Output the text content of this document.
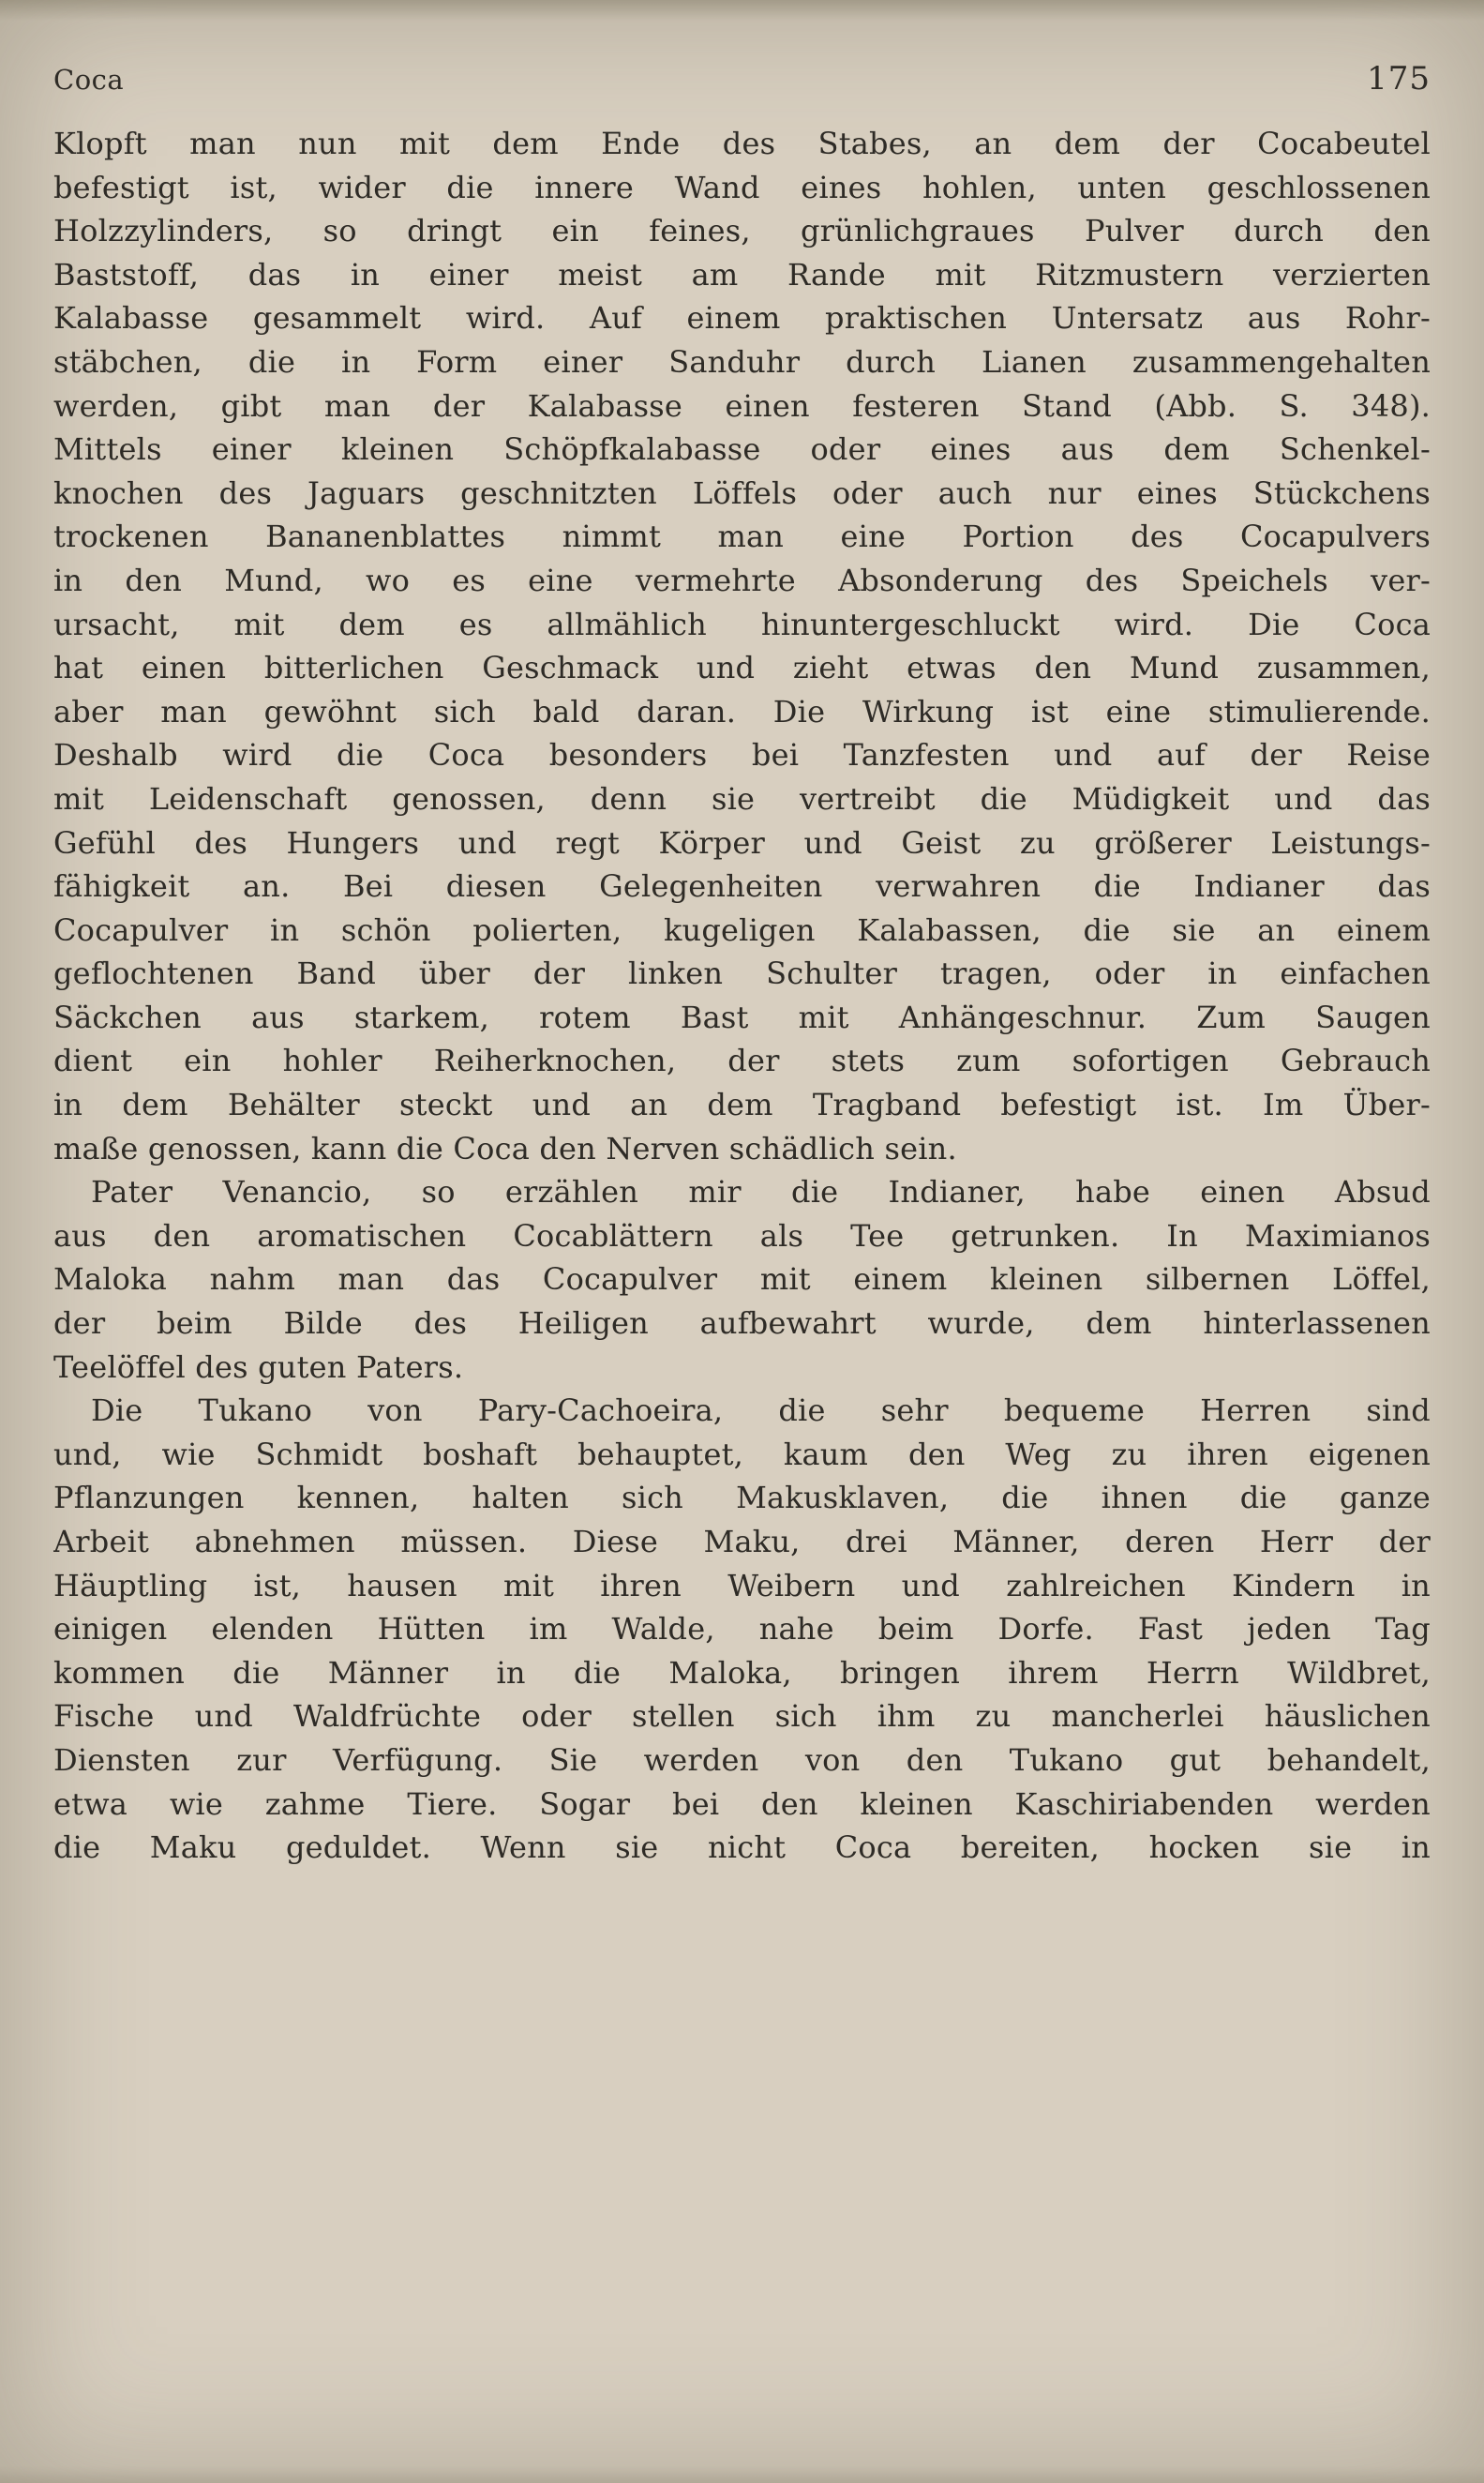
Coca	175
Klopft man nun mit dem Ende des Stabes, an dem der Cocabeutel
befestigt ist, wider die innere Wand eines hohlen, unten geschlossenen
Holzzylinders, so dringt ein feines, grünlichgraues Pulver durch den
Baststoff, das in einer meist am Rande mit Ritzmustern verzierten
Kalabasse gesammelt wird. Auf einem praktischen Untersatz aus Rohr-
stäbchen, die in Form einer Sanduhr durch Lianen zusammengehalten
werden, gibt man der Kalabasse einen festeren Stand (Abb. S. 348).
Mittels einer kleinen Schöpfkalabasse oder eines aus dem Schenkel-
knochen des Jaguars geschnitzten Löffels oder auch nur eines Stückchens
trockenen Bananenblattes nimmt man eine Portion des Cocapulvers
in den Mund, wo es eine vermehrte Absonderung des Speichels ver-
ursacht, mit dem es allmählich hinuntergeschluckt wird. Die Coca
hat einen bitterlichen Geschmack und zieht etwas den Mund zusammen,
aber man gewöhnt sich bald daran. Die Wirkung ist eine stimulierende.
Deshalb wird die Coca besonders bei Tanzfesten und auf der Reise
mit Leidenschaft genossen, denn sie vertreibt die Müdigkeit und das
Gefühl des Hungers und regt Körper und Geist zu größerer Leistungs-
fähigkeit an. Bei diesen Gelegenheiten verwahren die Indianer das
Cocapulver in schön polierten, kugeligen Kalabassen, die sie an einem
geflochtenen Band über der linken Schulter tragen, oder in einfachen
Säckchen aus starkem, rotem Bast mit Anhängeschnur. Zum Saugen
dient ein hohler Reiherknochen, der stets zum sofortigen Gebrauch
in dem Behälter steckt und an dem Tragband befestigt ist. Im Über-
maße genossen, kann die Coca den Nerven schädlich sein.
Pater Venancio, so erzählen mir die Indianer, habe einen Absud
aus den aromatischen Cocablättern als Tee getrunken. In Maximianos
Maloka nahm man das Cocapulver mit einem kleinen silbernen Löffel,
der beim Bilde des Heiligen aufbewahrt wurde, dem hinterlassenen
Teelöffel des guten Paters.
Die Tukano von Pary-Cachoeira, die sehr bequeme Herren sind
und, wie Schmidt boshaft behauptet, kaum den Weg zu ihren eigenen
Pflanzungen kennen, halten sich Makusklaven, die ihnen die ganze
Arbeit abnehmen müssen. Diese Maku, drei Männer, deren Herr der
Häuptling ist, hausen mit ihren Weibern und zahlreichen Kindern in
einigen elenden Hütten im Walde, nahe beim Dorfe. Fast jeden Tag
kommen die Männer in die Maloka, bringen ihrem Herrn Wildbret,
Fische und Waldfrüchte oder stellen sich ihm zu mancherlei häuslichen
Diensten zur Verfügung. Sie werden von den Tukano gut behandelt,
etwa wie zahme Tiere. Sogar bei den kleinen Kaschiriabenden werden
die Maku geduldet. Wenn sie nicht Coca bereiten, hocken sie in
